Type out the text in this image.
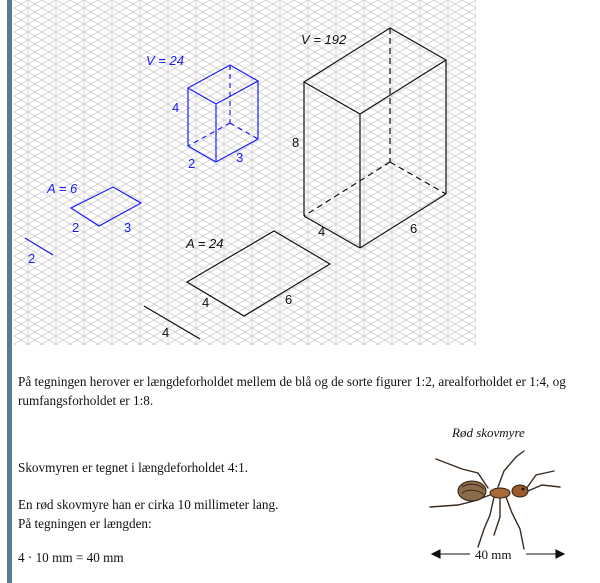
V = 24
4
2	3
V = 192
8
4	6
A = 6
2	3
2
A = 24
4	6
4
På tegningen herover er længdeforholdet mellem de blå og de sorte figurer 1:2, arealforholdet er 1:4, og rumfangsforholdet er 1:8.
Skovmyren er tegnet i længdeforholdet 4:1.
En rød skovmyre han er cirka 10 millimeter lang.
På tegningen er længden:
4 · 10 mm = 40 mm
Rød skovmyre
40 mm
